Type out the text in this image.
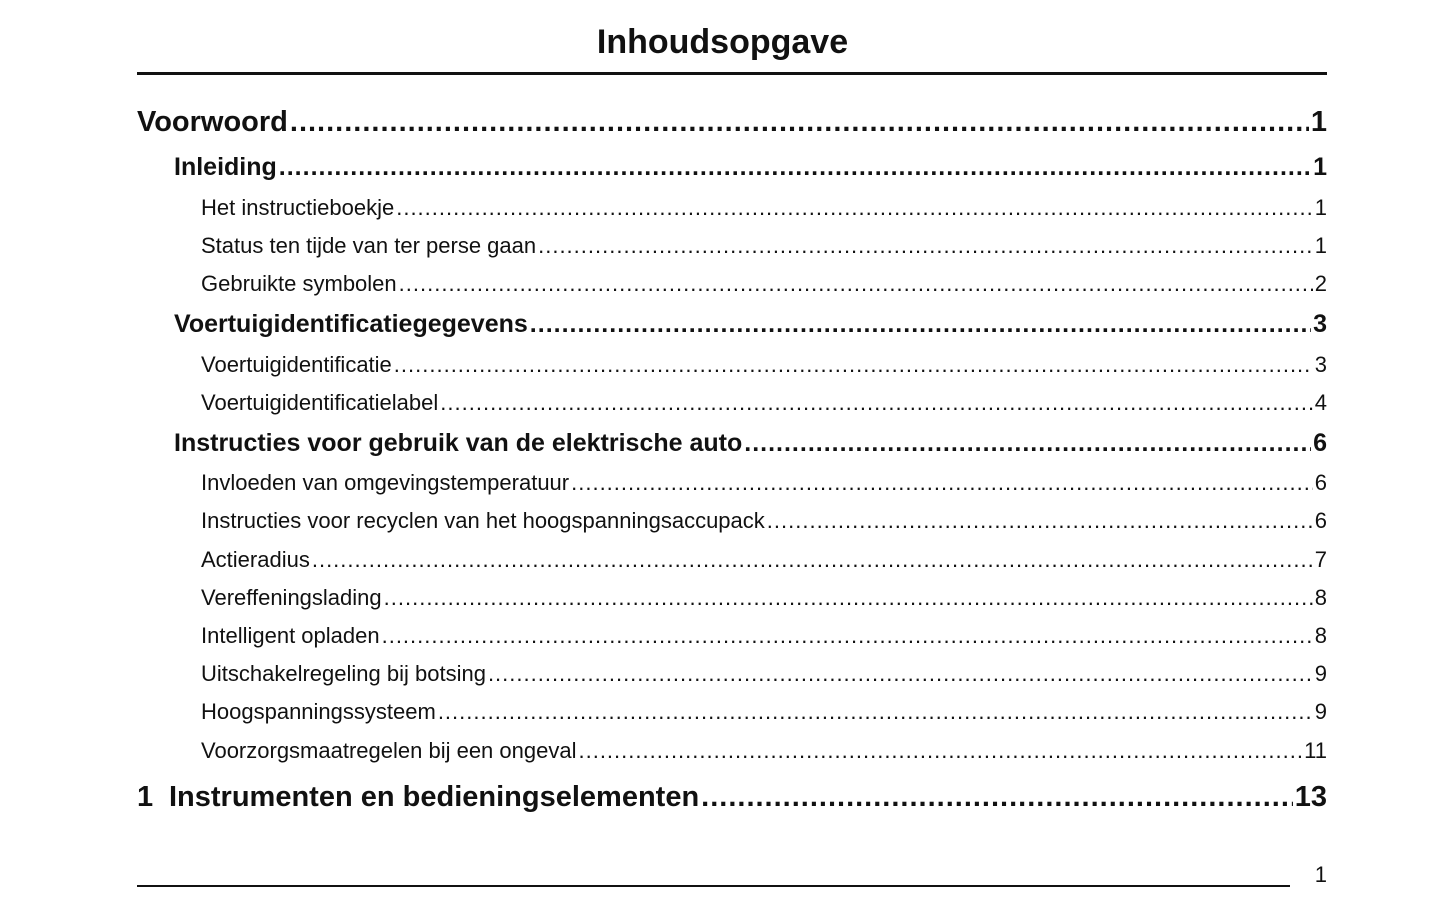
Inhoudsopgave
Voorwoord .....	1
Inleiding .....	1
Het instructieboekje .....	1
Status ten tijde van ter perse gaan .....	1
Gebruikte symbolen .....	2
Voertuigidentificatiegegevens .....	3
Voertuigidentificatie .....	3
Voertuigidentificatielabel .....	4
Instructies voor gebruik van de elektrische auto .....	6
Invloeden van omgevingstemperatuur .....	6
Instructies voor recyclen van het hoogspanningsaccupack .....	6
Actieradius .....	7
Vereffeningslading .....	8
Intelligent opladen .....	8
Uitschakelregeling bij botsing .....	9
Hoogspanningssysteem .....	9
Voorzorgsmaatregelen bij een ongeval .....	11
1 Instrumenten en bedieningselementen .....	13
1
